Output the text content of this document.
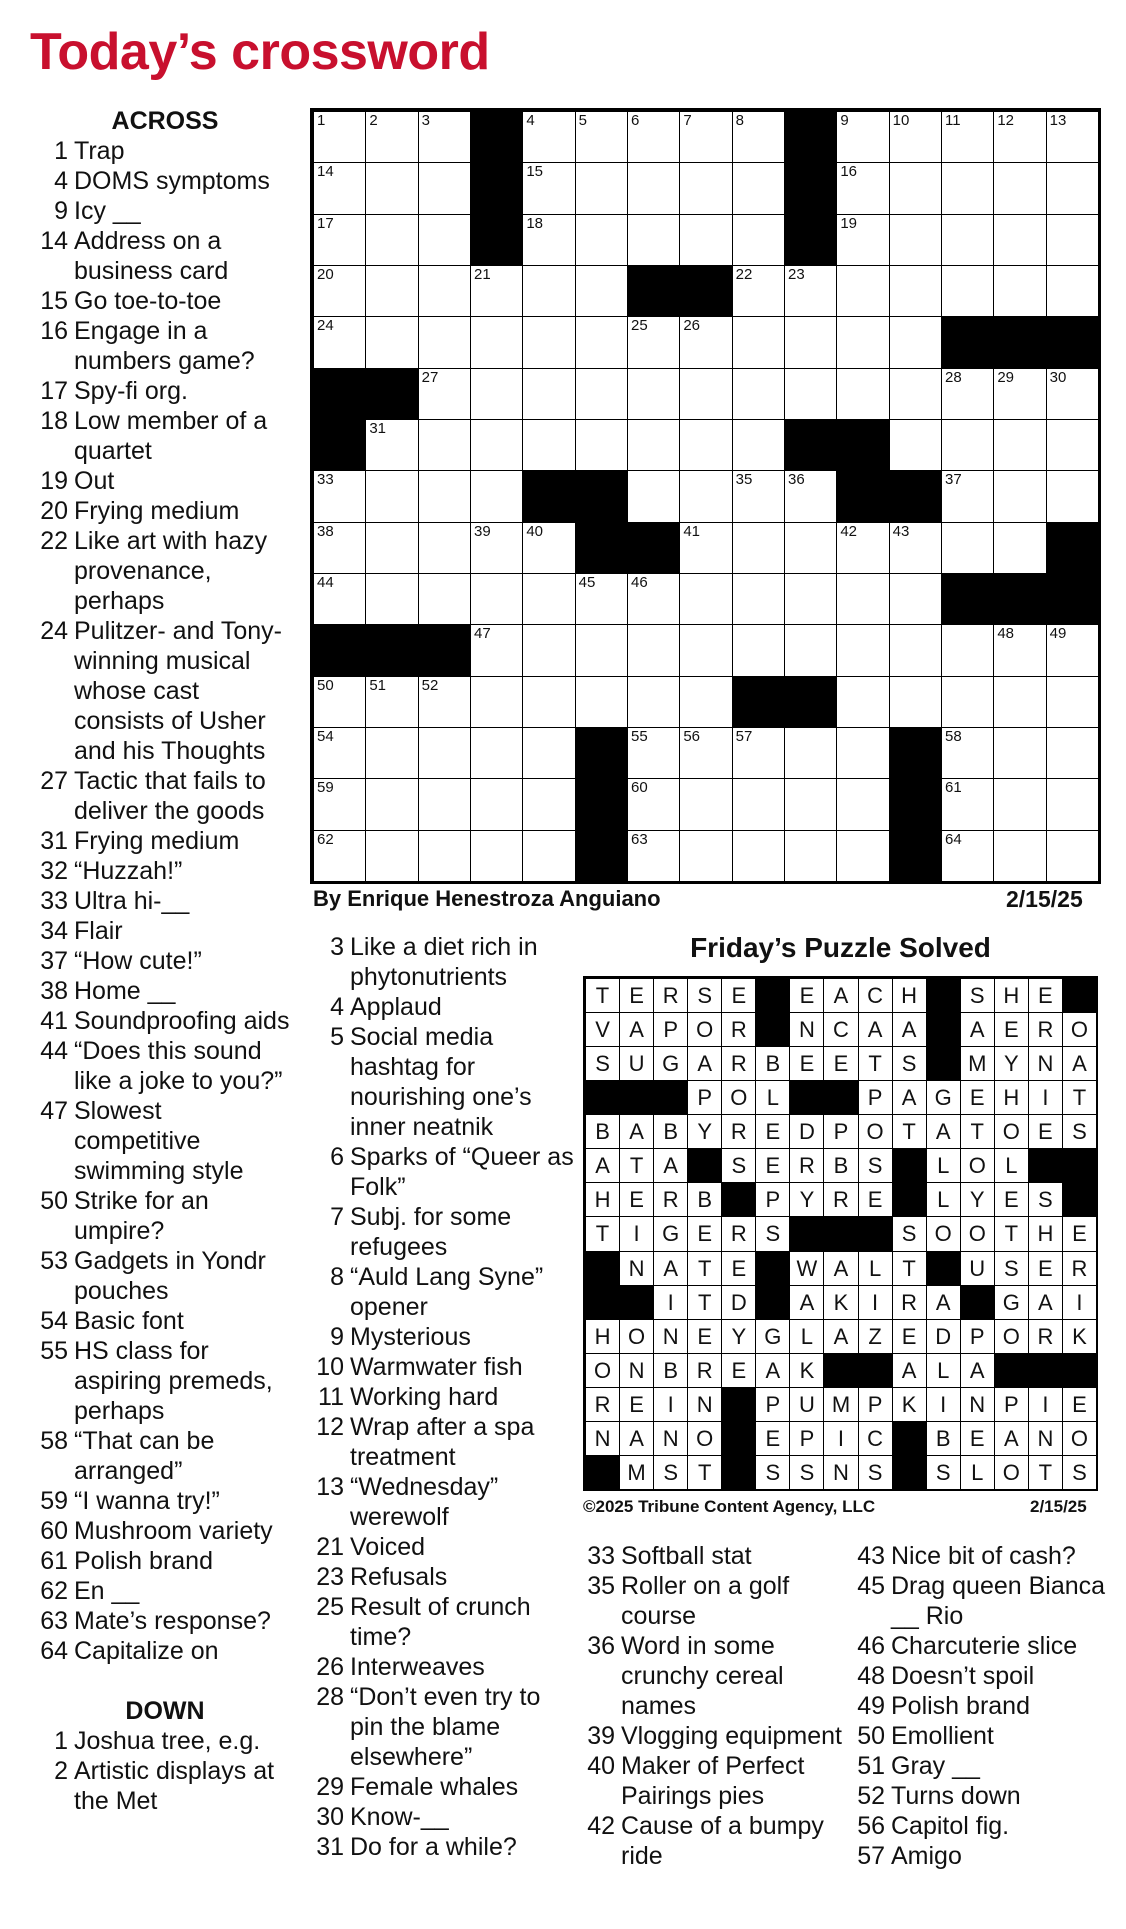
Today’s crossword
ACROSS
1 Trap
4 DOMS symptoms
9 Icy __
14 Address on a business card
15 Go toe-to-toe
16 Engage in a numbers game?
17 Spy-fi org.
18 Low member of a quartet
19 Out
20 Frying medium
22 Like art with hazy provenance, perhaps
24 Pulitzer- and Tony-winning musical whose cast consists of Usher and his Thoughts
27 Tactic that fails to deliver the goods
31 Frying medium
32 “Huzzah!”
33 Ultra hi-__
34 Flair
37 “How cute!”
38 Home __
41 Soundproofing aids
44 “Does this sound like a joke to you?”
47 Slowest competitive swimming style
50 Strike for an umpire?
53 Gadgets in Yondr pouches
54 Basic font
55 HS class for aspiring premeds, perhaps
58 “That can be arranged”
59 “I wanna try!”
60 Mushroom variety
61 Polish brand
62 En __
63 Mate’s response?
64 Capitalize on
DOWN
1 Joshua tree, e.g.
2 Artistic displays at the Met
1	2	3	4	5	6	7	8	9	10 11 12 13
14	15	16
17	18	19
20	21	22 23
24	25 26
27	28 29 30
31
33	35 36	37
38	39 40	41	42 43
44	45 46
47	48 49
50 51 52
54	55 56 57	58
59	60	61
62	63	64
By Enrique Henestroza Anguiano	2/15/25
3 Like a diet rich in phytonutrients
4 Applaud
5 Social media hashtag for nourishing one’s inner neatnik
6 Sparks of “Queer as Folk”
7 Subj. for some refugees
8 “Auld Lang Syne” opener
9 Mysterious
10 Warmwater fish
11 Working hard
12 Wrap after a spa treatment
13 “Wednesday” werewolf
21 Voiced
23 Refusals
25 Result of crunch time?
26 Interweaves
28 “Don’t even try to pin the blame elsewhere”
29 Female whales
30 Know-__
31 Do for a while?
Friday’s Puzzle Solved
T E R S E	E A C H	S H E
V A P O R	N C A A	A E R O
S U G A R B E E T S	M Y N A
P O L	P A G E H	I	T
B A B Y R E D P O T A T O E S
A T A	S E R B S	L O L
H E R B	P Y R E	L Y E S
T	I	G E R S	S O O T H E
N A T E	W A L T	U S E R
I	T D	A K	I	R A	G A	I
H O N E Y G L A Z E D P O R K
O N B R E A K	A L A
R E	I	N	P U M P K	I	N P	I	E
N A N O	E P	I	C	B E A N O
M S T	S S N S	S L O T S
©2025 Tribune Content Agency, LLC	2/15/25
33 Softball stat
35 Roller on a golf course
36 Word in some crunchy cereal names
39 Vlogging equipment
40 Maker of Perfect Pairings pies
42 Cause of a bumpy ride
43 Nice bit of cash?
45 Drag queen Bianca __ Rio
46 Charcuterie slice
48 Doesn’t spoil
49 Polish brand
50 Emollient
51 Gray __
52 Turns down
56 Capitol fig.
57 Amigo
